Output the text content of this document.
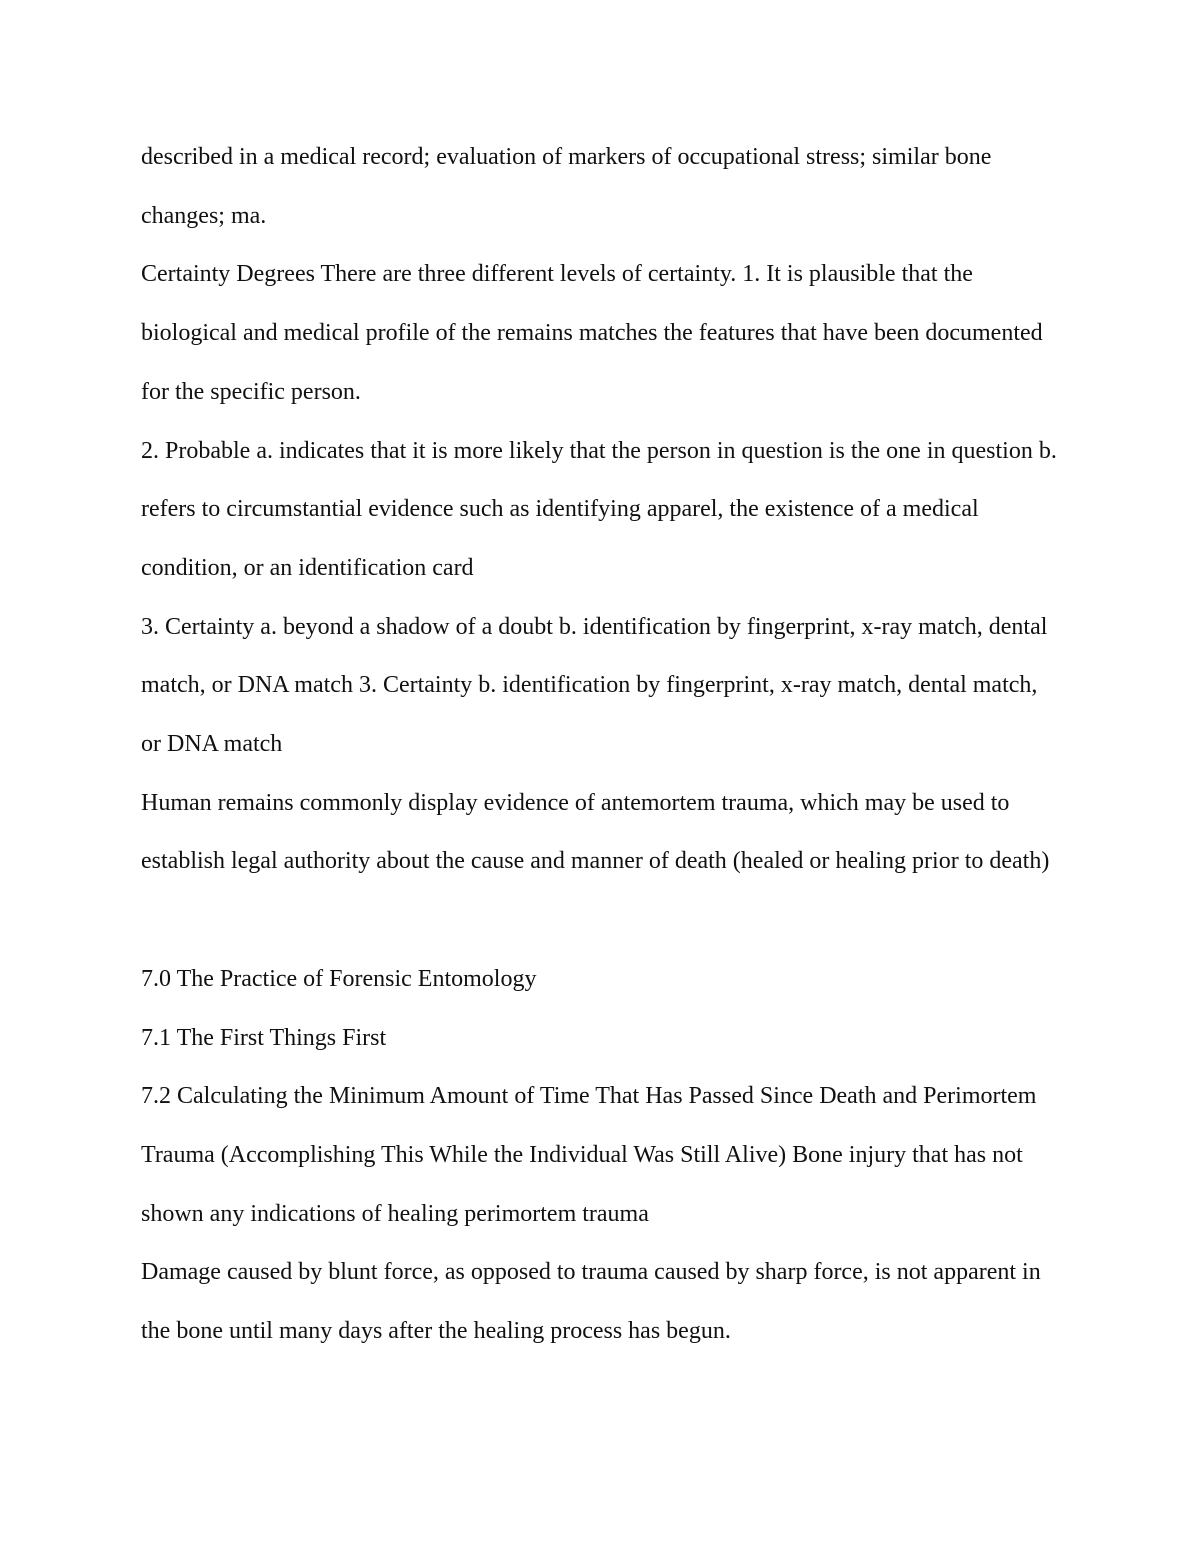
described in a medical record; evaluation of markers of occupational stress; similar bone changes; ma.

Certainty Degrees There are three different levels of certainty. 1. It is plausible that the biological and medical profile of the remains matches the features that have been documented for the specific person.

2. Probable a. indicates that it is more likely that the person in question is the one in question b. refers to circumstantial evidence such as identifying apparel, the existence of a medical condition, or an identification card

3. Certainty a. beyond a shadow of a doubt b. identification by fingerprint, x-ray match, dental match, or DNA match 3. Certainty b. identification by fingerprint, x-ray match, dental match, or DNA match

Human remains commonly display evidence of antemortem trauma, which may be used to establish legal authority about the cause and manner of death (healed or healing prior to death)

7.0 The Practice of Forensic Entomology

7.1 The First Things First

7.2 Calculating the Minimum Amount of Time That Has Passed Since Death and Perimortem Trauma (Accomplishing This While the Individual Was Still Alive) Bone injury that has not shown any indications of healing perimortem trauma

Damage caused by blunt force, as opposed to trauma caused by sharp force, is not apparent in the bone until many days after the healing process has begun.
